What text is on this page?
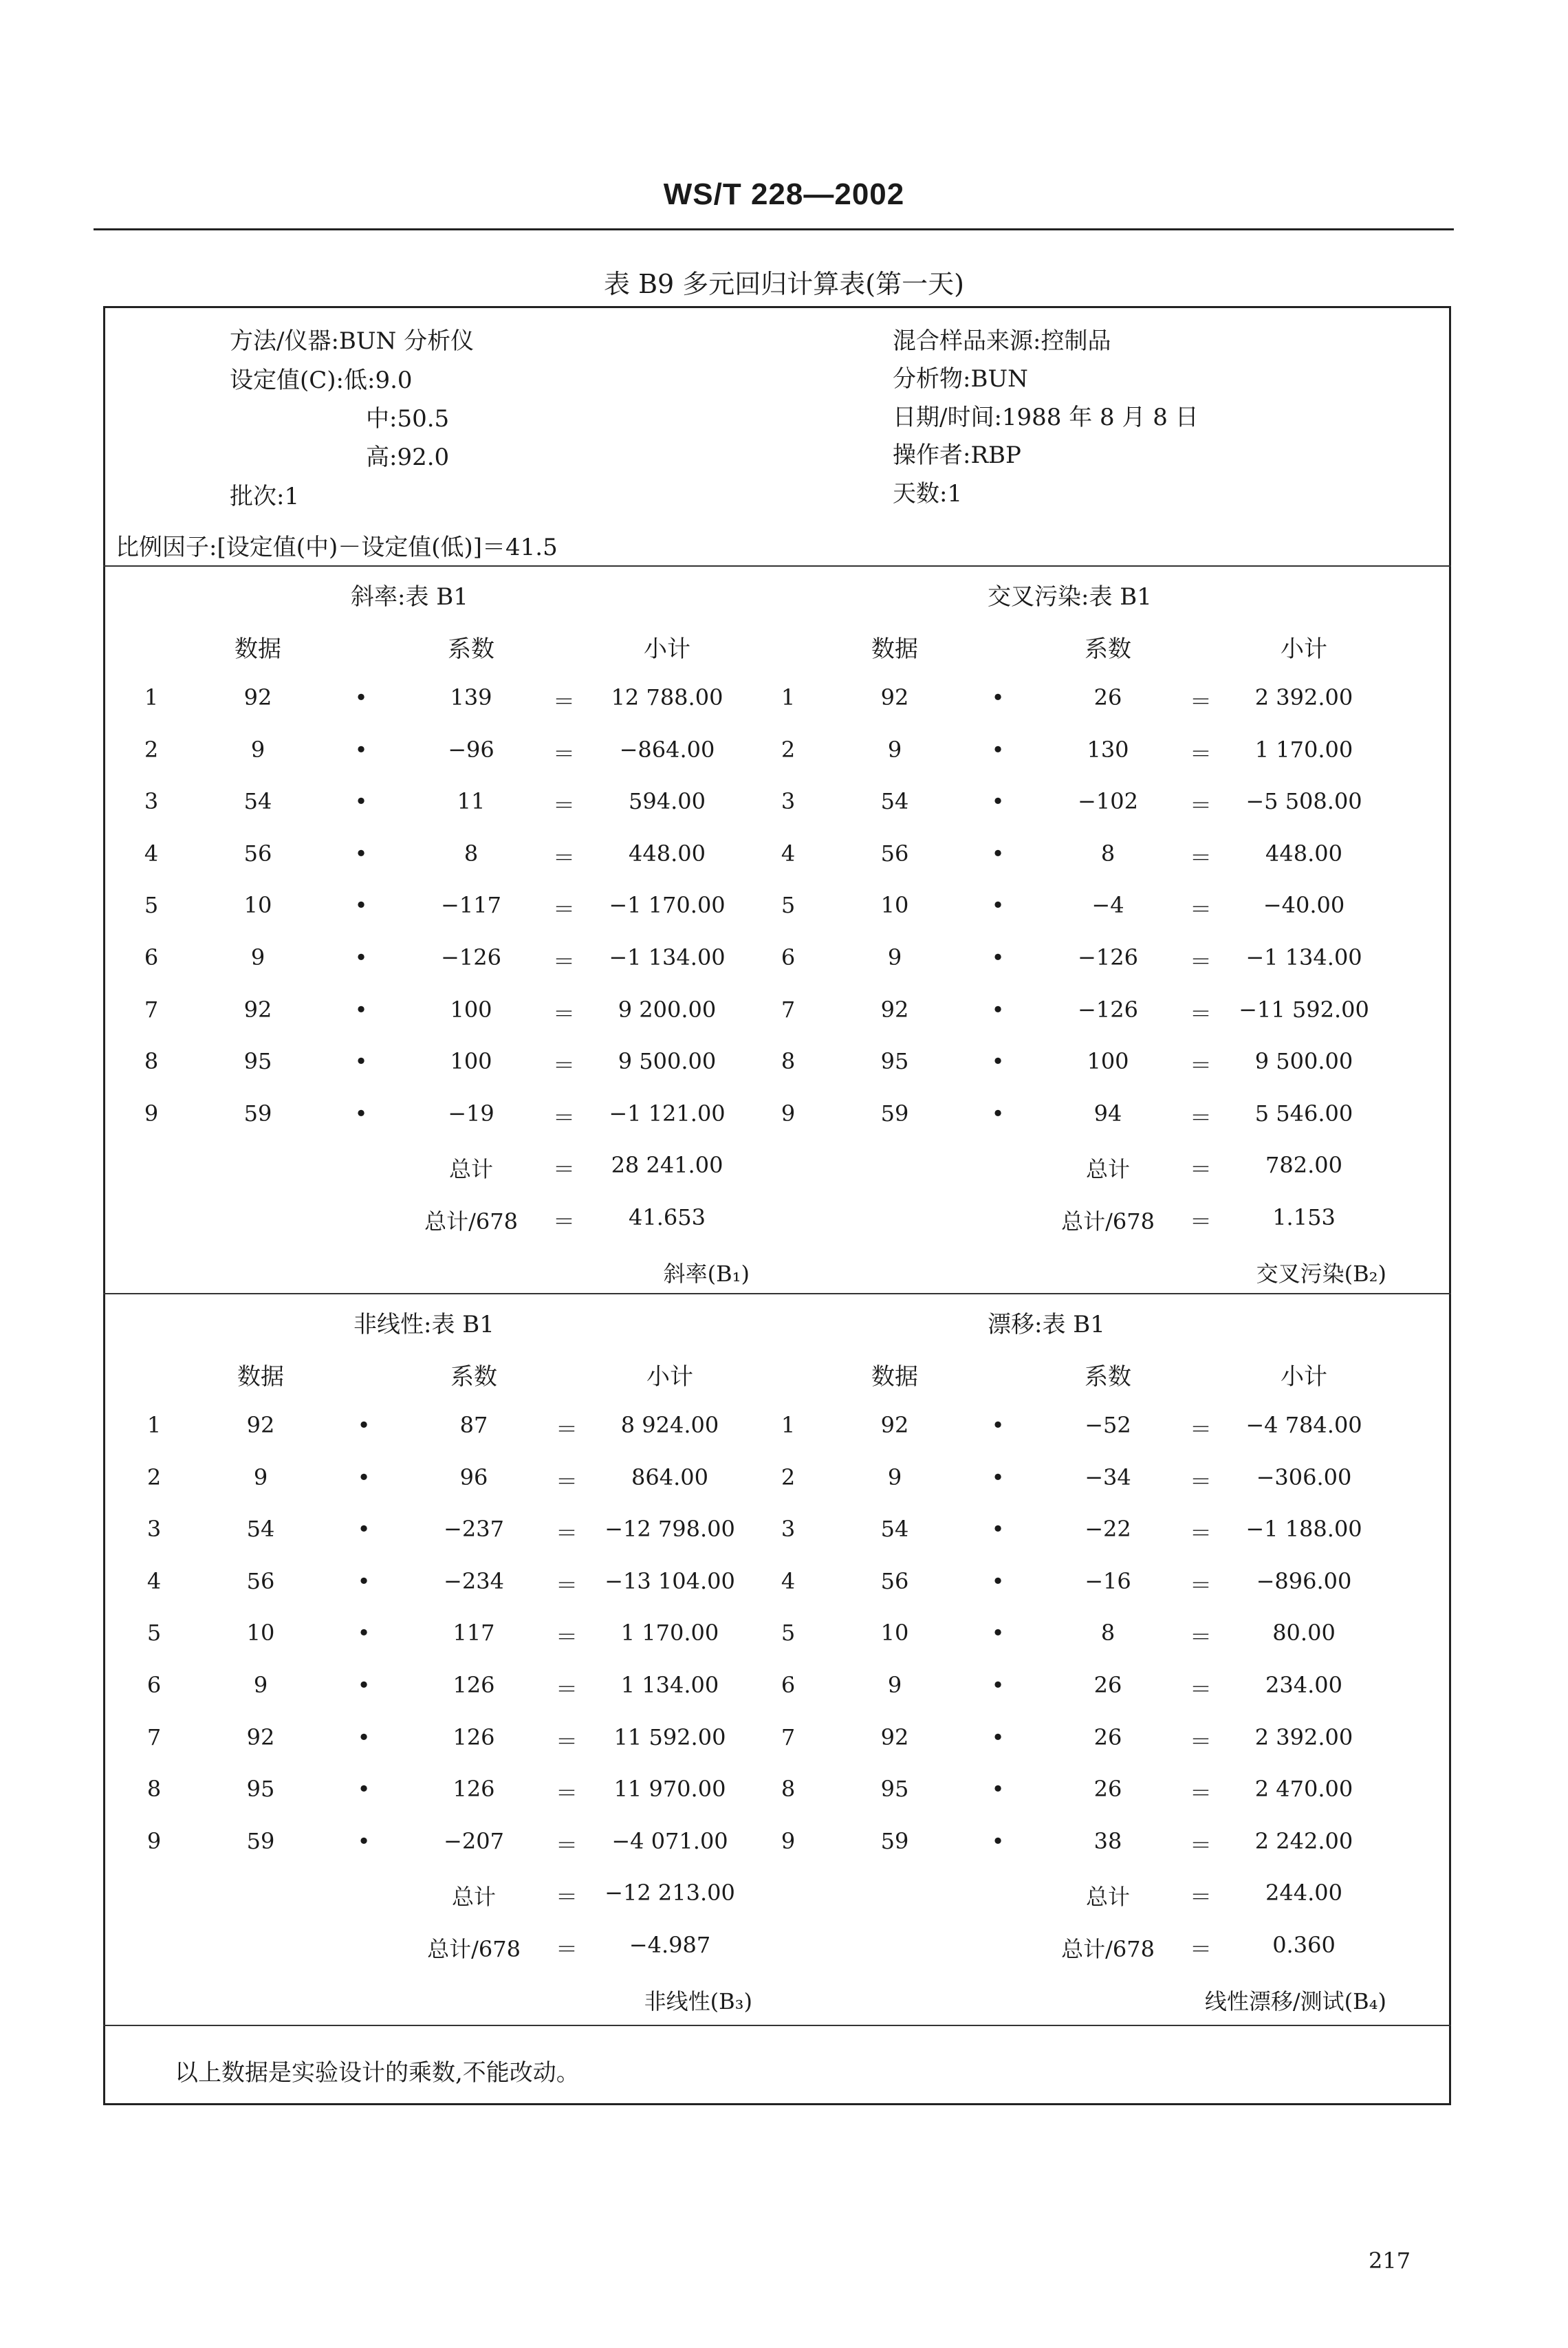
WS/T 228—2002
表 B9 多元回归计算表(第一天)
方法/仪器:BUN 分析仪
设定值(C):低:9.0
中:50.5
高:92.0
批次:1
混合样品来源:控制品
分析物:BUN
日期/时间:1988 年 8 月 8 日
操作者:RBP
天数:1
比例因子:[设定值(中)－设定值(低)]＝41.5
斜率:表 B1
数据	系数	小计
1	92	•	139	＝	12 788.00
2	9	•	−96	＝	−864.00
3	54	•	11	＝	594.00
4	56	•	8	＝	448.00
5	10	•	−117	＝	−1 170.00
6	9	•	−126	＝	−1 134.00
7	92	•	100	＝	9 200.00
8	95	•	100	＝	9 500.00
9	59	•	−19	＝	−1 121.00
总计	＝	28 241.00
总计/678	＝	41.653
斜率(B₁)
交叉污染:表 B1
数据	系数	小计
1	92	•	26	＝	2 392.00
2	9	•	130	＝	1 170.00
3	54	•	−102	＝	−5 508.00
4	56	•	8	＝	448.00
5	10	•	−4	＝	−40.00
6	9	•	−126	＝	−1 134.00
7	92	•	−126	＝	−11 592.00
8	95	•	100	＝	9 500.00
9	59	•	94	＝	5 546.00
总计	＝	782.00
总计/678	＝	1.153
交叉污染(B₂)
非线性:表 B1
数据	系数	小计
1	92	•	87	＝	8 924.00
2	9	•	96	＝	864.00
3	54	•	−237	＝	−12 798.00
4	56	•	−234	＝	−13 104.00
5	10	•	117	＝	1 170.00
6	9	•	126	＝	1 134.00
7	92	•	126	＝	11 592.00
8	95	•	126	＝	11 970.00
9	59	•	−207	＝	−4 071.00
总计	＝	−12 213.00
总计/678	＝	−4.987
非线性(B₃)
漂移:表 B1
数据	系数	小计
1	92	•	−52	＝	−4 784.00
2	9	•	−34	＝	−306.00
3	54	•	−22	＝	−1 188.00
4	56	•	−16	＝	−896.00
5	10	•	8	＝	80.00
6	9	•	26	＝	234.00
7	92	•	26	＝	2 392.00
8	95	•	26	＝	2 470.00
9	59	•	38	＝	2 242.00
总计	＝	244.00
总计/678	＝	0.360
线性漂移/测试(B₄)
以上数据是实验设计的乘数,不能改动。
217
